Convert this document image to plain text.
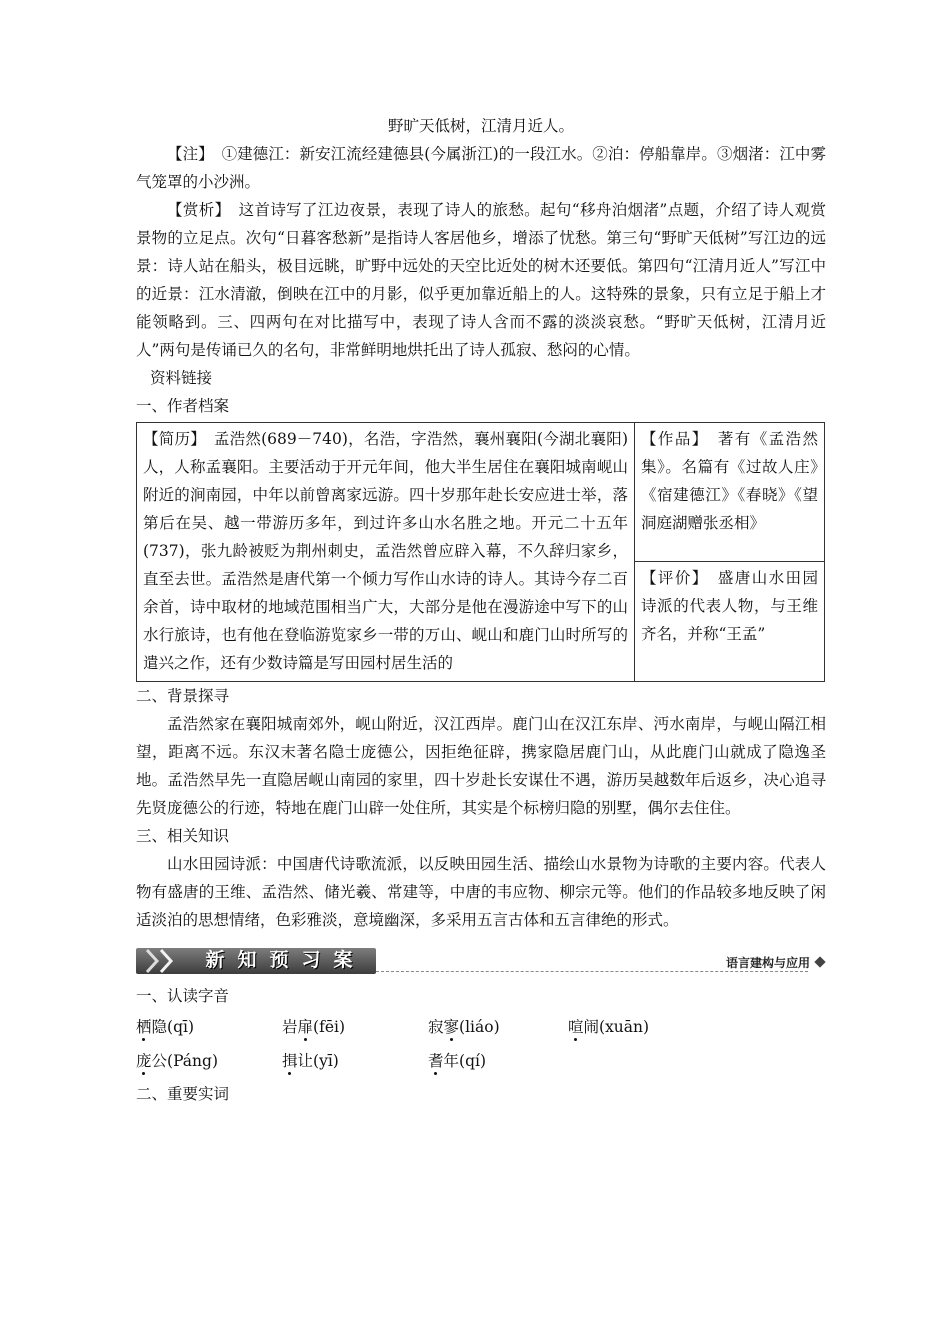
野旷天低树，江清月近人。

【注】　①建德江：新安江流经建德县(今属浙江)的一段江水。②泊：停船靠岸。③烟渚：江中雾气笼罩的小沙洲。

【赏析】　这首诗写了江边夜景，表现了诗人的旅愁。起句“移舟泊烟渚”点题，介绍了诗人观赏景物的立足点。次句“日暮客愁新”是指诗人客居他乡，增添了忧愁。第三句“野旷天低树”写江边的远景：诗人站在船头，极目远眺，旷野中远处的天空比近处的树木还要低。第四句“江清月近人”写江中的近景：江水清澈，倒映在江中的月影，似乎更加靠近船上的人。这特殊的景象，只有立足于船上才能领略到。三、四两句在对比描写中，表现了诗人含而不露的淡淡哀愁。“野旷天低树，江清月近人”两句是传诵已久的名句，非常鲜明地烘托出了诗人孤寂、愁闷的心情。

资料链接

一、作者档案

【简历】　孟浩然(689－740)，名浩，字浩然，襄州襄阳(今湖北襄阳)人，人称孟襄阳。主要活动于开元年间，他大半生居住在襄阳城南岘山附近的涧南园，中年以前曾离家远游。四十岁那年赴长安应进士举，落第后在吴、越一带游历多年，到过许多山水名胜之地。开元二十五年(737)，张九龄被贬为荆州刺史，孟浩然曾应辟入幕，不久辞归家乡，直至去世。孟浩然是唐代第一个倾力写作山水诗的诗人。其诗今存二百余首，诗中取材的地域范围相当广大，大部分是他在漫游途中写下的山水行旅诗，也有他在登临游览家乡一带的万山、岘山和鹿门山时所写的遣兴之作，还有少数诗篇是写田园村居生活的	【作品】　著有《孟浩然集》。名篇有《过故人庄》《宿建德江》《春晓》《望洞庭湖赠张丞相》
【评价】　盛唐山水田园诗派的代表人物，与王维齐名，并称“王孟”

二、背景探寻

孟浩然家在襄阳城南郊外，岘山附近，汉江西岸。鹿门山在汉江东岸、沔水南岸，与岘山隔江相望，距离不远。东汉末著名隐士庞德公，因拒绝征辟，携家隐居鹿门山，从此鹿门山就成了隐逸圣地。孟浩然早先一直隐居岘山南园的家里，四十岁赴长安谋仕不遇，游历吴越数年后返乡，决心追寻先贤庞德公的行迹，特地在鹿门山辟一处住所，其实是个标榜归隐的别墅，偶尔去住住。

三、相关知识

山水田园诗派：中国唐代诗歌流派，以反映田园生活、描绘山水景物为诗歌的主要内容。代表人物有盛唐的王维、孟浩然、储光羲、常建等，中唐的韦应物、柳宗元等。他们的作品较多地反映了闲适淡泊的思想情绪，色彩雅淡，意境幽深，多采用五言古体和五言律绝的形式。

新 知 预 习 案	语言建构与应用

一、认读字音

栖隐(qī)	岩扉(fēi)	寂寥(liáo)	喧闹(xuān)
庞公(Páng)	揖让(yī)	耆年(qí)

二、重要实词
